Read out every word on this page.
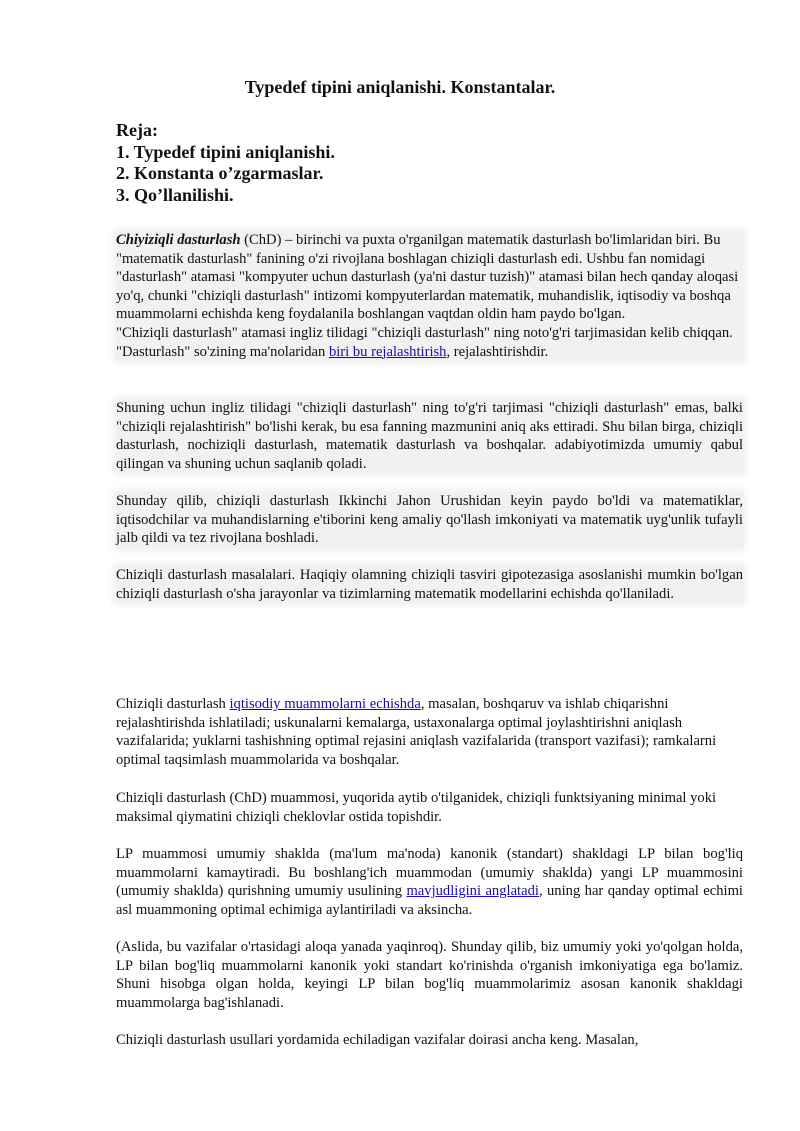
Typedef tipini aniqlanishi. Konstantalar.
Reja:
1. Typedef tipini aniqlanishi.
2. Konstanta o’zgarmaslar.
3. Qo’llanilishi.
Chiyiziqli dasturlash (ChD) – birinchi va puxta o'rganilgan matematik dasturlash bo'limlaridan biri. Bu "matematik dasturlash" fanining o'zi rivojlana boshlagan chiziqli dasturlash edi. Ushbu fan nomidagi "dasturlash" atamasi "kompyuter uchun dasturlash (ya'ni dastur tuzish)" atamasi bilan hech qanday aloqasi yo'q, chunki "chiziqli dasturlash" intizomi kompyuterlardan matematik, muhandislik, iqtisodiy va boshqa muammolarni echishda keng foydalanila boshlangan vaqtdan oldin ham paydo bo'lgan.
"Chiziqli dasturlash" atamasi ingliz tilidagi "chiziqli dasturlash" ning noto'g'ri tarjimasidan kelib chiqqan. "Dasturlash" so'zining ma'nolaridan biri bu rejalashtirish, rejalashtirishdir.
Shuning uchun ingliz tilidagi "chiziqli dasturlash" ning to'g'ri tarjimasi "chiziqli dasturlash" emas, balki "chiziqli rejalashtirish" bo'lishi kerak, bu esa fanning mazmunini aniq aks ettiradi. Shu bilan birga, chiziqli dasturlash, nochiziqli dasturlash, matematik dasturlash va boshqalar. adabiyotimizda umumiy qabul qilingan va shuning uchun saqlanib qoladi.
Shunday qilib, chiziqli dasturlash Ikkinchi Jahon Urushidan keyin paydo bo'ldi va matematiklar, iqtisodchilar va muhandislarning e'tiborini keng amaliy qo'llash imkoniyati va matematik uyg'unlik tufayli jalb qildi va tez rivojlana boshladi.
Chiziqli dasturlash masalalari. Haqiqiy olamning chiziqli tasviri gipotezasiga asoslanishi mumkin bo'lgan chiziqli dasturlash o'sha jarayonlar va tizimlarning matematik modellarini echishda qo'llaniladi.
Chiziqli dasturlash iqtisodiy muammolarni echishda, masalan, boshqaruv va ishlab chiqarishni rejalashtirishda ishlatiladi; uskunalarni kemalarga, ustaxonalarga optimal joylashtirishni aniqlash vazifalarida; yuklarni tashishning optimal rejasini aniqlash vazifalarida (transport vazifasi); ramkalarni optimal taqsimlash muammolarida va boshqalar.
Chiziqli dasturlash (ChD) muammosi, yuqorida aytib o'tilganidek, chiziqli funktsiyaning minimal yoki maksimal qiymatini chiziqli cheklovlar ostida topishdir.
LP muammosi umumiy shaklda (ma'lum ma'noda) kanonik (standart) shakldagi LP bilan bog'liq muammolarni kamaytiradi. Bu boshlang'ich muammodan (umumiy shaklda) yangi LP muammosini (umumiy shaklda) qurishning umumiy usulining mavjudligini anglatadi, uning har qanday optimal echimi asl muammoning optimal echimiga aylantiriladi va aksincha.
(Aslida, bu vazifalar o'rtasidagi aloqa yanada yaqinroq). Shunday qilib, biz umumiy yoki yo'qolgan holda, LP bilan bog'liq muammolarni kanonik yoki standart ko'rinishda o'rganish imkoniyatiga ega bo'lamiz. Shuni hisobga olgan holda, keyingi LP bilan bog'liq muammolarimiz asosan kanonik shakldagi muammolarga bag'ishlanadi.
Chiziqli dasturlash usullari yordamida echiladigan vazifalar doirasi ancha keng. Masalan,
